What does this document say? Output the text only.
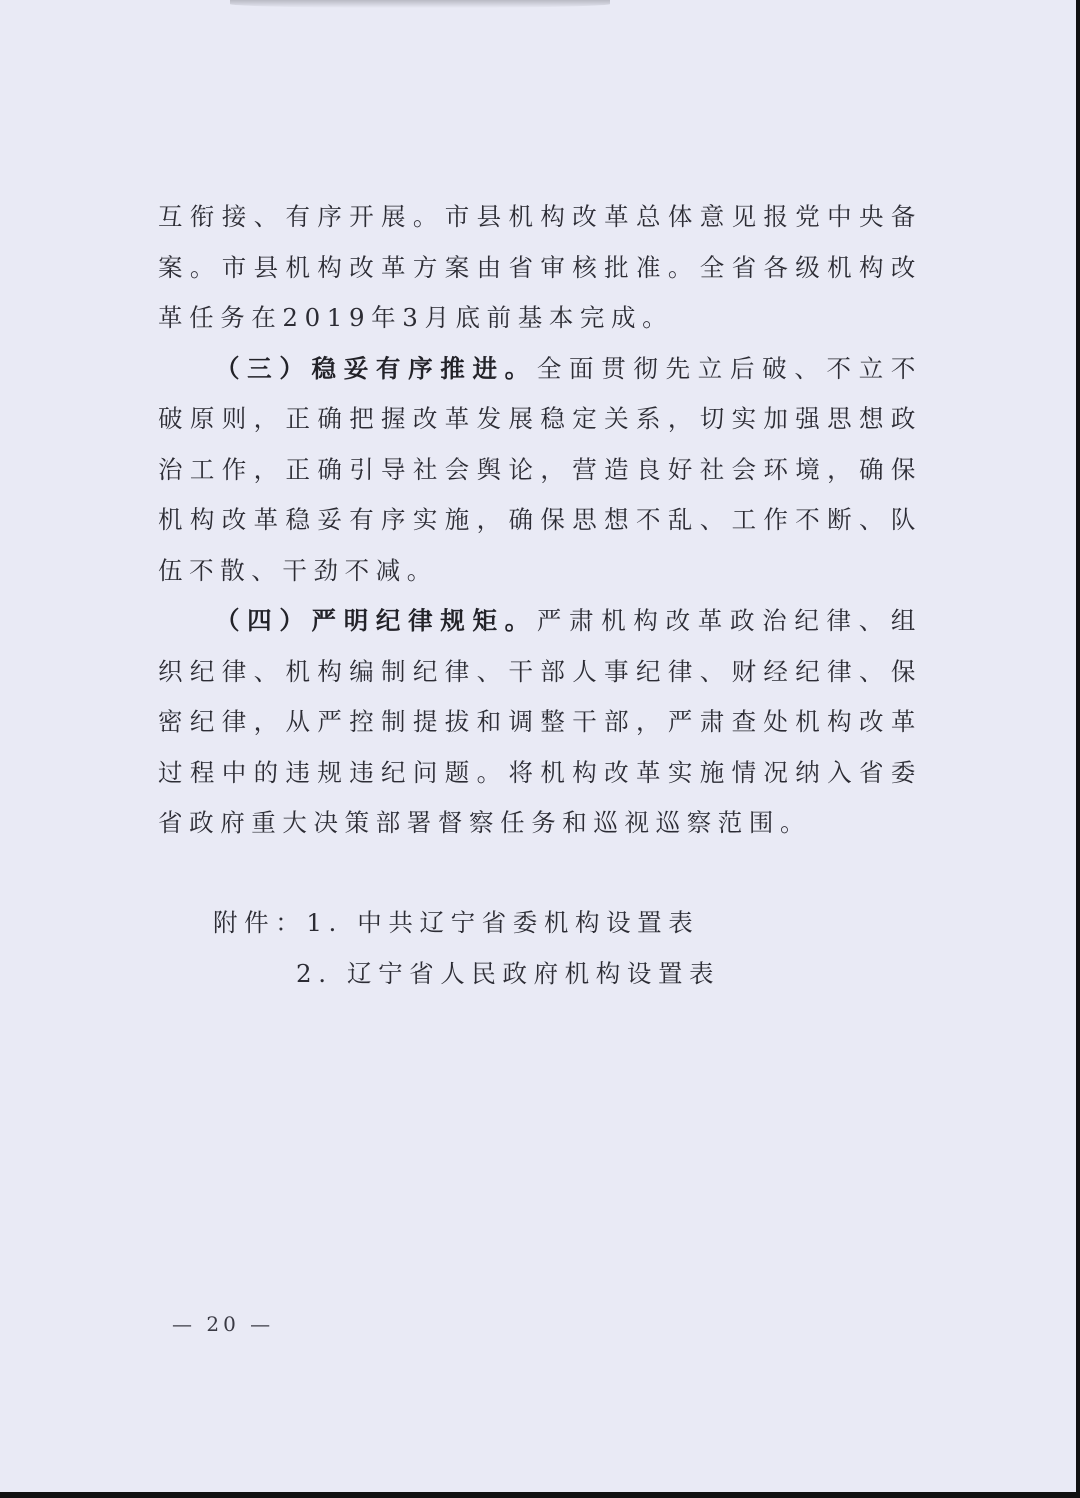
互衔接、有序开展。市县机构改革总体意见报党中央备案。市县机构改革方案由省审核批准。全省各级机构改革任务在2019年3月底前基本完成。

（三）稳妥有序推进。全面贯彻先立后破、不立不破原则，正确把握改革发展稳定关系，切实加强思想政治工作，正确引导社会舆论，营造良好社会环境，确保机构改革稳妥有序实施，确保思想不乱、工作不断、队伍不散、干劲不减。

（四）严明纪律规矩。严肃机构改革政治纪律、组织纪律、机构编制纪律、干部人事纪律、财经纪律、保密纪律，从严控制提拔和调整干部，严肃查处机构改革过程中的违规违纪问题。将机构改革实施情况纳入省委省政府重大决策部署督察任务和巡视巡察范围。

附件：1. 中共辽宁省委机构设置表
2. 辽宁省人民政府机构设置表
— 20 —
